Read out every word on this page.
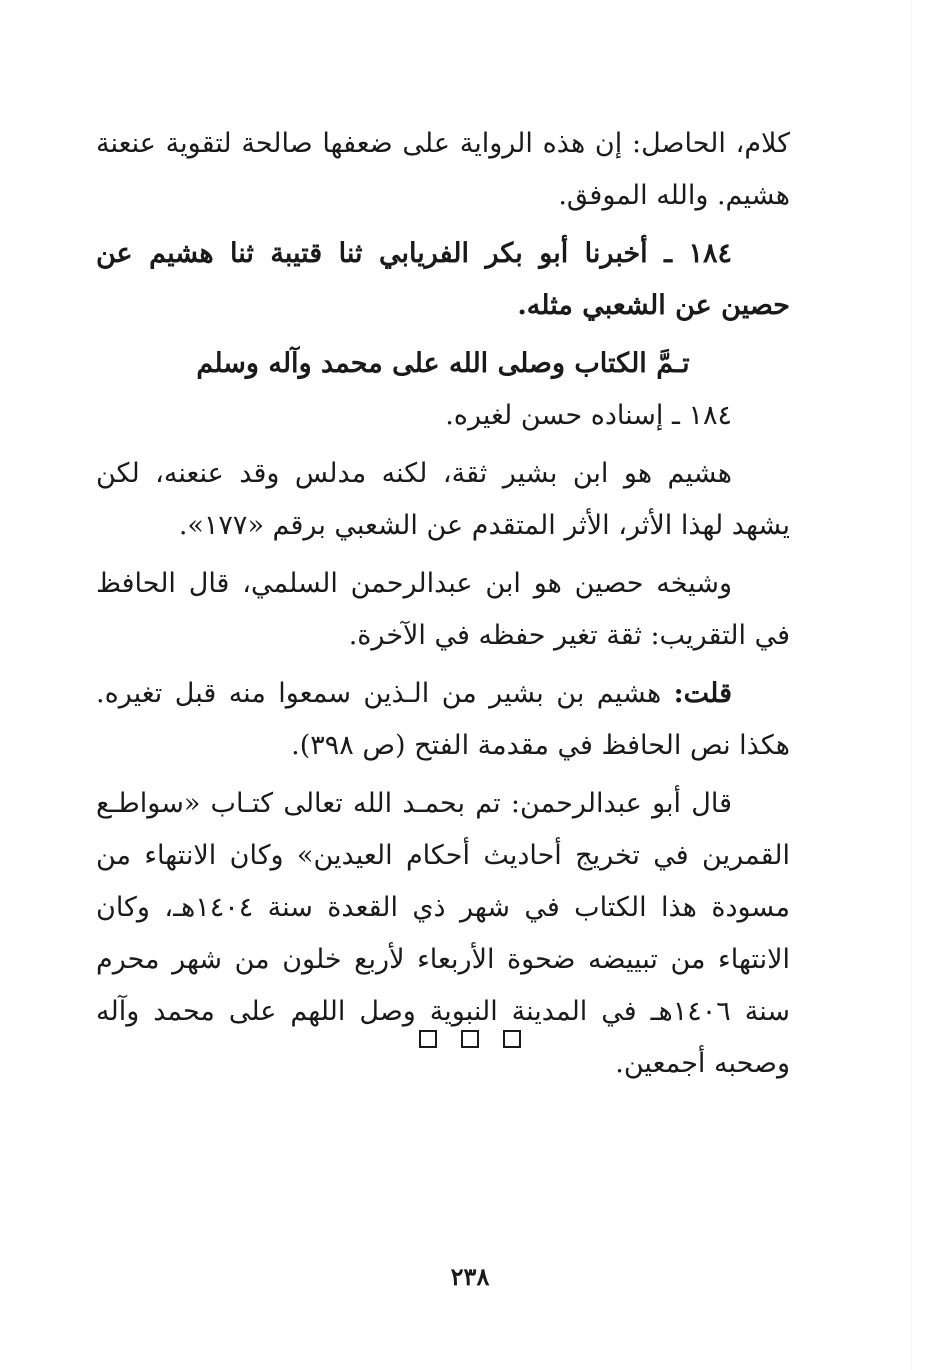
كلام، الحاصل: إن هذه الرواية على ضعفها صالحة لتقوية عنعنة هشيم. والله الموفق.

١٨٤ ـ أخبرنا أبو بكر الفريابي ثنا قتيبة ثنا هشيم عن حصين عن الشعبي مثله.

تـمَّ الكتاب وصلى الله على محمد وآله وسلم

١٨٤ ـ إسناده حسن لغيره.

هشيم هو ابن بشير ثقة، لكنه مدلس وقد عنعنه، لكن يشهد لهذا الأثر، الأثر المتقدم عن الشعبي برقم «١٧٧».

وشيخه حصين هو ابن عبدالرحمن السلمي، قال الحافظ في التقريب: ثقة تغير حفظه في الآخرة.

قلت: هشيم بن بشير من الـذين سمعوا منه قبل تغيره. هكذا نص الحافظ في مقدمة الفتح (ص ٣٩٨).

قال أبو عبدالرحمن: تم بحمـد الله تعالى كتـاب «سواطـع القمرين في تخريج أحاديث أحكام العيدين» وكان الانتهاء من مسودة هذا الكتاب في شهر ذي القعدة سنة ١٤٠٤هـ، وكان الانتهاء من تبييضه ضحوة الأربعاء لأربع خلون من شهر محرم سنة ١٤٠٦هـ في المدينة النبوية وصل اللهم على محمد وآله وصحبه أجمعين.

٢٣٨
